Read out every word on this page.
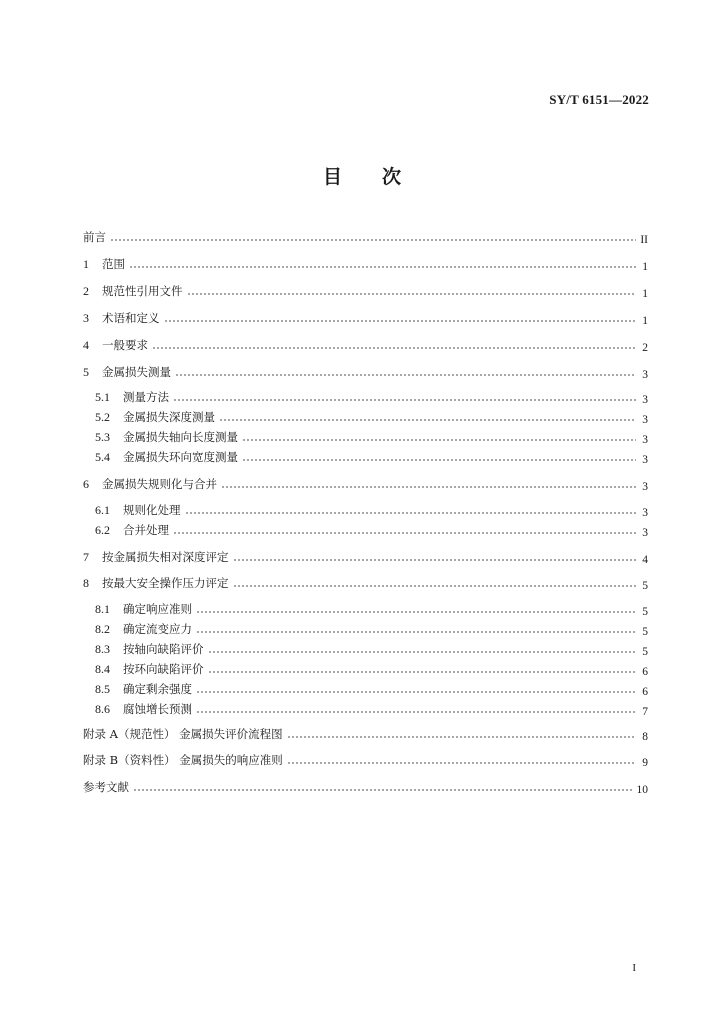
SY/T 6151—2022
目 次
前言	II
1	范围	1
2	规范性引用文件	1
3	术语和定义	1
4	一般要求	2
5	金属损失测量	3
5.1	测量方法	3
5.2	金属损失深度测量	3
5.3	金属损失轴向长度测量	3
5.4	金属损失环向宽度测量	3
6	金属损失规则化与合并	3
6.1	规则化处理	3
6.2	合并处理	3
7	按金属损失相对深度评定	4
8	按最大安全操作压力评定	5
8.1	确定响应准则	5
8.2	确定流变应力	5
8.3	按轴向缺陷评价	5
8.4	按环向缺陷评价	6
8.5	确定剩余强度	6
8.6	腐蚀增长预测	7
附录 A（规范性） 金属损失评价流程图	8
附录 B（资料性） 金属损失的响应准则	9
参考文献	10
I
